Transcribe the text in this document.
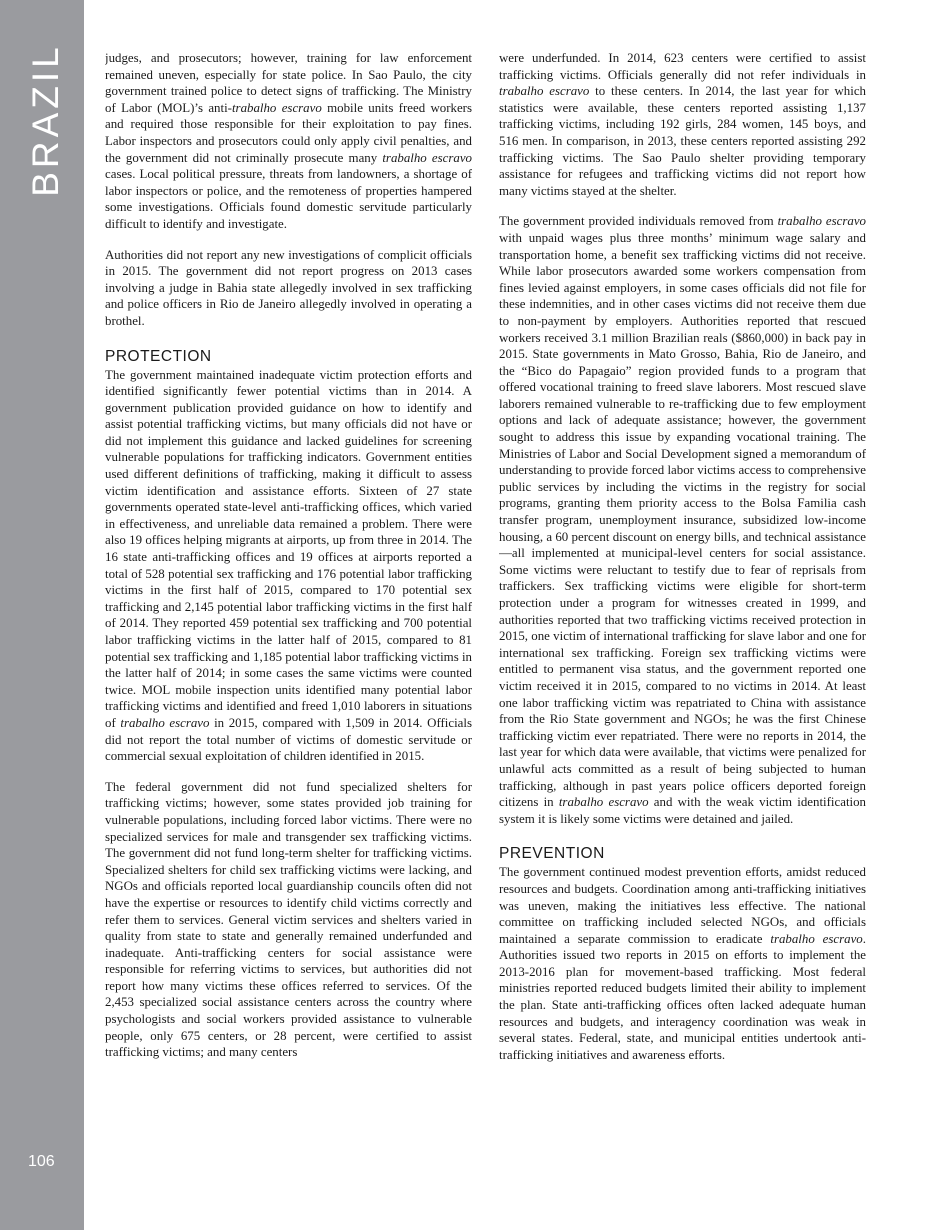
BRAZIL
106

judges, and prosecutors; however, training for law enforcement remained uneven, especially for state police. In Sao Paulo, the city government trained police to detect signs of trafficking. The Ministry of Labor (MOL)’s anti-trabalho escravo mobile units freed workers and required those responsible for their exploitation to pay fines. Labor inspectors and prosecutors could only apply civil penalties, and the government did not criminally prosecute many trabalho escravo cases. Local political pressure, threats from landowners, a shortage of labor inspectors or police, and the remoteness of properties hampered some investigations. Officials found domestic servitude particularly difficult to identify and investigate.

Authorities did not report any new investigations of complicit officials in 2015. The government did not report progress on 2013 cases involving a judge in Bahia state allegedly involved in sex trafficking and police officers in Rio de Janeiro allegedly involved in operating a brothel.

PROTECTION

The government maintained inadequate victim protection efforts and identified significantly fewer potential victims than in 2014. A government publication provided guidance on how to identify and assist potential trafficking victims, but many officials did not have or did not implement this guidance and lacked guidelines for screening vulnerable populations for trafficking indicators. Government entities used different definitions of trafficking, making it difficult to assess victim identification and assistance efforts. Sixteen of 27 state governments operated state-level anti-trafficking offices, which varied in effectiveness, and unreliable data remained a problem. There were also 19 offices helping migrants at airports, up from three in 2014. The 16 state anti-trafficking offices and 19 offices at airports reported a total of 528 potential sex trafficking and 176 potential labor trafficking victims in the first half of 2015, compared to 170 potential sex trafficking and 2,145 potential labor trafficking victims in the first half of 2014. They reported 459 potential sex trafficking and 700 potential labor trafficking victims in the latter half of 2015, compared to 81 potential sex trafficking and 1,185 potential labor trafficking victims in the latter half of 2014; in some cases the same victims were counted twice. MOL mobile inspection units identified many potential labor trafficking victims and identified and freed 1,010 laborers in situations of trabalho escravo in 2015, compared with 1,509 in 2014. Officials did not report the total number of victims of domestic servitude or commercial sexual exploitation of children identified in 2015.

The federal government did not fund specialized shelters for trafficking victims; however, some states provided job training for vulnerable populations, including forced labor victims. There were no specialized services for male and transgender sex trafficking victims. The government did not fund long-term shelter for trafficking victims. Specialized shelters for child sex trafficking victims were lacking, and NGOs and officials reported local guardianship councils often did not have the expertise or resources to identify child victims correctly and refer them to services. General victim services and shelters varied in quality from state to state and generally remained underfunded and inadequate. Anti-trafficking centers for social assistance were responsible for referring victims to services, but authorities did not report how many victims these offices referred to services. Of the 2,453 specialized social assistance centers across the country where psychologists and social workers provided assistance to vulnerable people, only 675 centers, or 28 percent, were certified to assist trafficking victims; and many centers

were underfunded. In 2014, 623 centers were certified to assist trafficking victims. Officials generally did not refer individuals in trabalho escravo to these centers. In 2014, the last year for which statistics were available, these centers reported assisting 1,137 trafficking victims, including 192 girls, 284 women, 145 boys, and 516 men. In comparison, in 2013, these centers reported assisting 292 trafficking victims. The Sao Paulo shelter providing temporary assistance for refugees and trafficking victims did not report how many victims stayed at the shelter.

The government provided individuals removed from trabalho escravo with unpaid wages plus three months’ minimum wage salary and transportation home, a benefit sex trafficking victims did not receive. While labor prosecutors awarded some workers compensation from fines levied against employers, in some cases officials did not file for these indemnities, and in other cases victims did not receive them due to non-payment by employers. Authorities reported that rescued workers received 3.1 million Brazilian reals ($860,000) in back pay in 2015. State governments in Mato Grosso, Bahia, Rio de Janeiro, and the “Bico do Papagaio” region provided funds to a program that offered vocational training to freed slave laborers. Most rescued slave laborers remained vulnerable to re-trafficking due to few employment options and lack of adequate assistance; however, the government sought to address this issue by expanding vocational training. The Ministries of Labor and Social Development signed a memorandum of understanding to provide forced labor victims access to comprehensive public services by including the victims in the registry for social programs, granting them priority access to the Bolsa Familia cash transfer program, unemployment insurance, subsidized low-income housing, a 60 percent discount on energy bills, and technical assistance—all implemented at municipal-level centers for social assistance. Some victims were reluctant to testify due to fear of reprisals from traffickers. Sex trafficking victims were eligible for short-term protection under a program for witnesses created in 1999, and authorities reported that two trafficking victims received protection in 2015, one victim of international trafficking for slave labor and one for international sex trafficking. Foreign sex trafficking victims were entitled to permanent visa status, and the government reported one victim received it in 2015, compared to no victims in 2014. At least one labor trafficking victim was repatriated to China with assistance from the Rio State government and NGOs; he was the first Chinese trafficking victim ever repatriated. There were no reports in 2014, the last year for which data were available, that victims were penalized for unlawful acts committed as a result of being subjected to human trafficking, although in past years police officers deported foreign citizens in trabalho escravo and with the weak victim identification system it is likely some victims were detained and jailed.

PREVENTION

The government continued modest prevention efforts, amidst reduced resources and budgets. Coordination among anti-trafficking initiatives was uneven, making the initiatives less effective. The national committee on trafficking included selected NGOs, and officials maintained a separate commission to eradicate trabalho escravo. Authorities issued two reports in 2015 on efforts to implement the 2013-2016 plan for movement-based trafficking. Most federal ministries reported reduced budgets limited their ability to implement the plan. State anti-trafficking offices often lacked adequate human resources and budgets, and interagency coordination was weak in several states. Federal, state, and municipal entities undertook anti-trafficking initiatives and awareness efforts.
